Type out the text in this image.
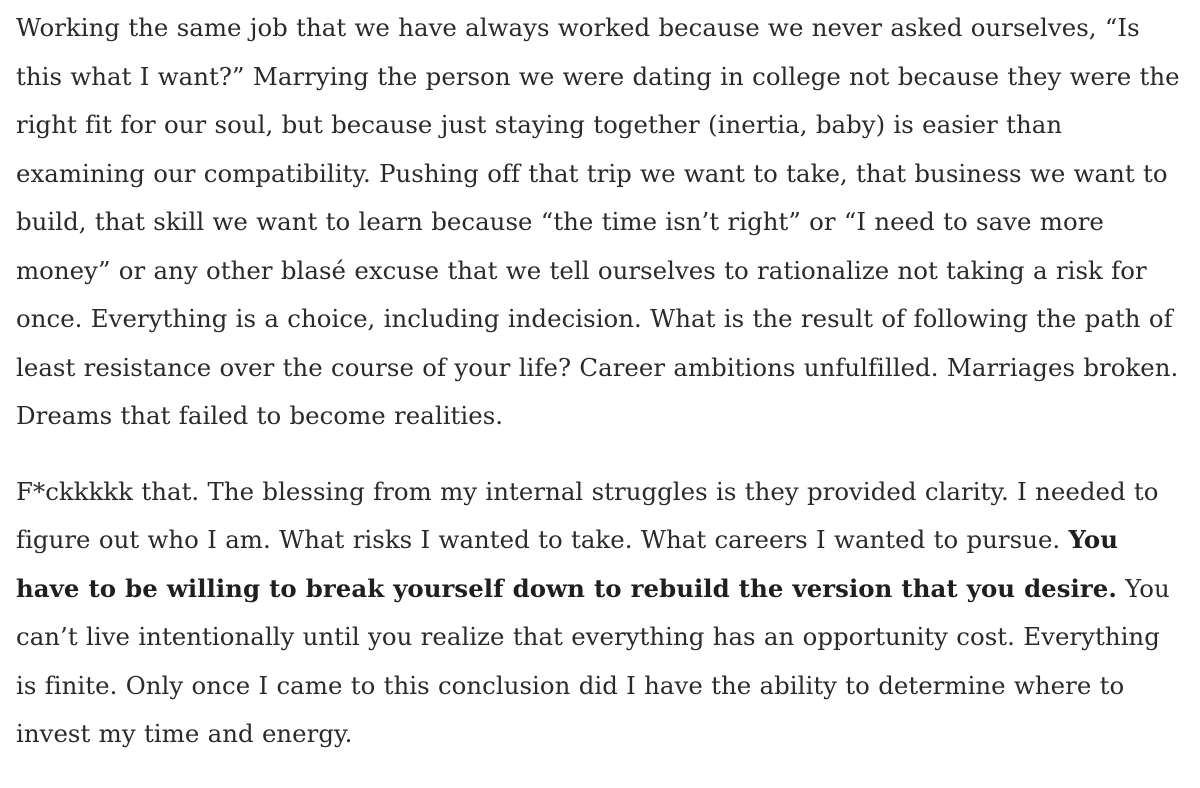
Working the same job that we have always worked because we never asked ourselves, “Is this what I want?” Marrying the person we were dating in college not because they were the right fit for our soul, but because just staying together (inertia, baby) is easier than examining our compatibility. Pushing off that trip we want to take, that business we want to build, that skill we want to learn because “the time isn’t right” or “I need to save more money” or any other blasé excuse that we tell ourselves to rationalize not taking a risk for once. Everything is a choice, including indecision. What is the result of following the path of least resistance over the course of your life? Career ambitions unfulfilled. Marriages broken. Dreams that failed to become realities.

F*ckkkkk that. The blessing from my internal struggles is they provided clarity. I needed to figure out who I am. What risks I wanted to take. What careers I wanted to pursue. You have to be willing to break yourself down to rebuild the version that you desire. You can’t live intentionally until you realize that everything has an opportunity cost. Everything is finite. Only once I came to this conclusion did I have the ability to determine where to invest my time and energy.
